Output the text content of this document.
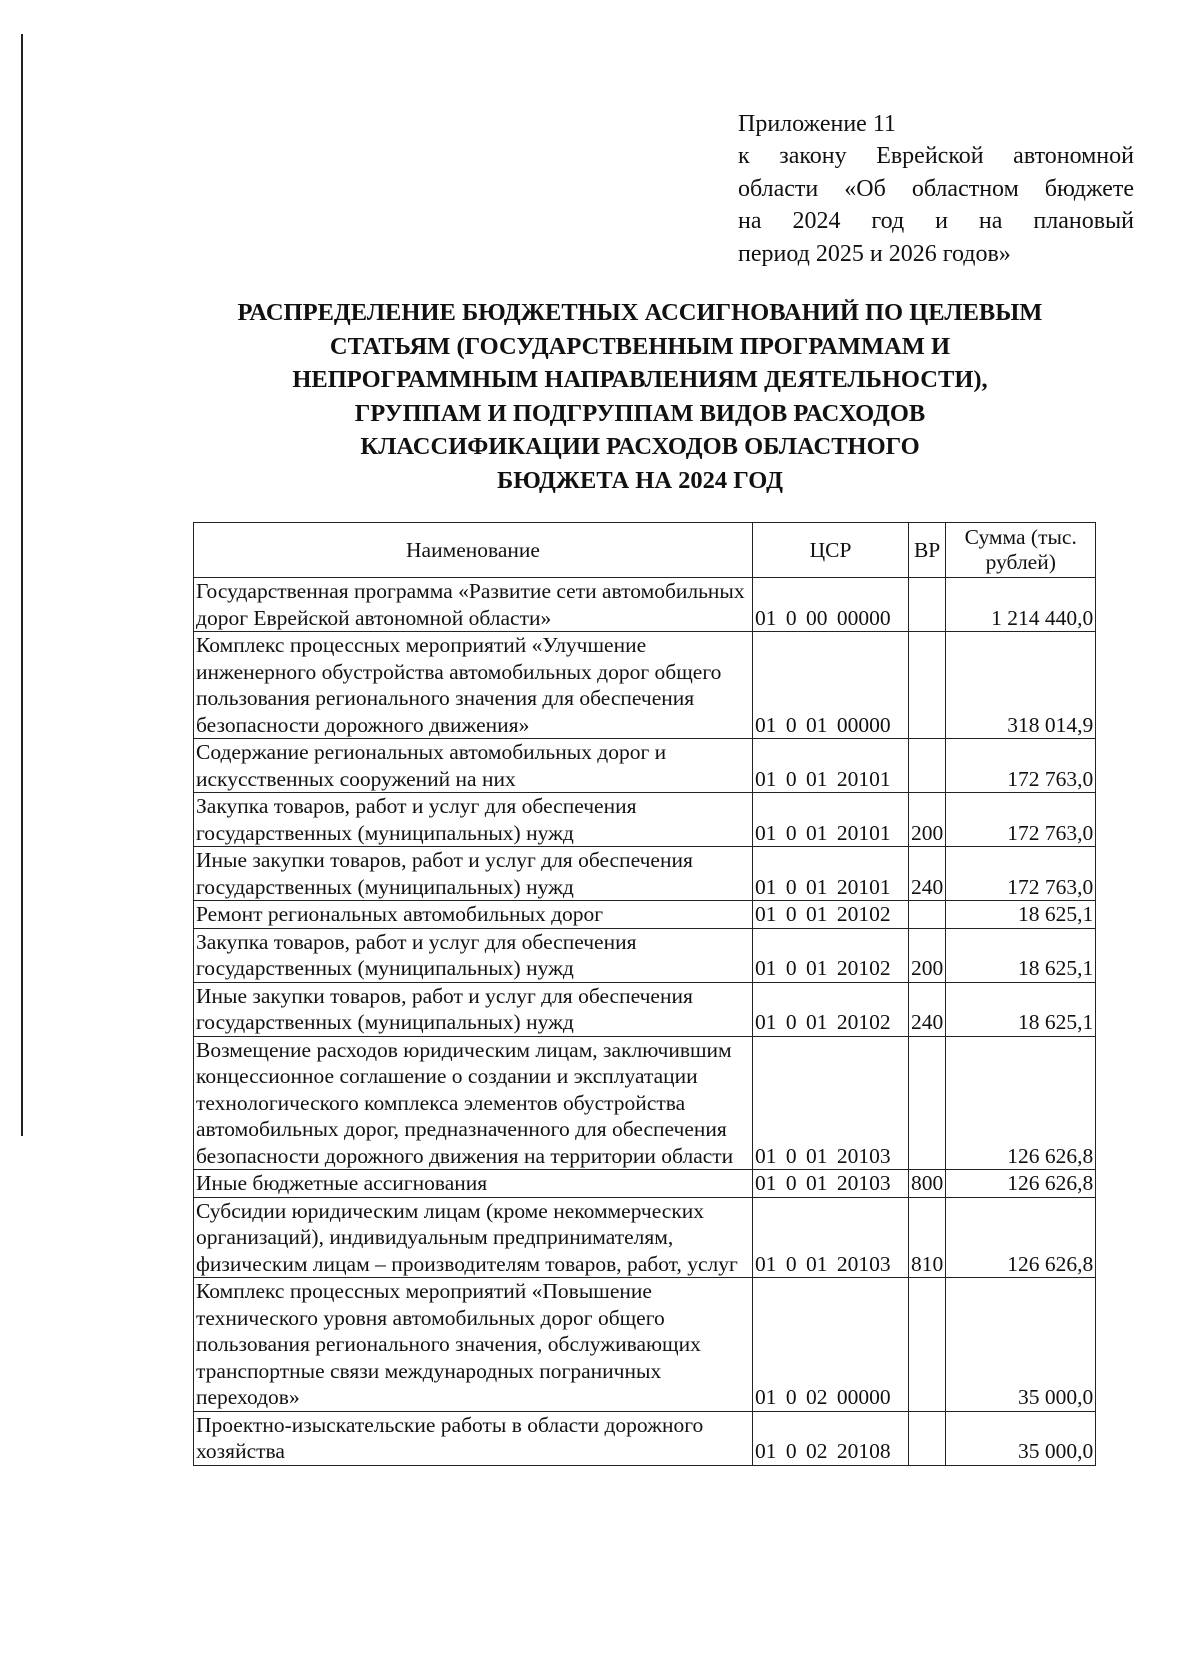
Приложение 11
к закону Еврейской автономной
области «Об областном бюджете
на 2024 год и на плановый
период 2025 и 2026 годов»
РАСПРЕДЕЛЕНИЕ БЮДЖЕТНЫХ АССИГНОВАНИЙ ПО ЦЕЛЕВЫМ
СТАТЬЯМ (ГОСУДАРСТВЕННЫМ ПРОГРАММАМ И
НЕПРОГРАММНЫМ НАПРАВЛЕНИЯМ ДЕЯТЕЛЬНОСТИ),
ГРУППАМ И ПОДГРУППАМ ВИДОВ РАСХОДОВ
КЛАССИФИКАЦИИ РАСХОДОВ ОБЛАСТНОГО
БЮДЖЕТА НА 2024 ГОД
Наименование	ЦСР	ВР	Сумма (тыс. рублей)
Государственная программа «Развитие сети автомобильных дорог Еврейской автономной области»	01 0 00 00000		1 214 440,0
Комплекс процессных мероприятий «Улучшение инженерного обустройства автомобильных дорог общего пользования регионального значения для обеспечения безопасности дорожного движения»	01 0 01 00000		318 014,9
Содержание региональных автомобильных дорог и искусственных сооружений на них	01 0 01 20101		172 763,0
Закупка товаров, работ и услуг для обеспечения государственных (муниципальных) нужд	01 0 01 20101	200	172 763,0
Иные закупки товаров, работ и услуг для обеспечения государственных (муниципальных) нужд	01 0 01 20101	240	172 763,0
Ремонт региональных автомобильных дорог	01 0 01 20102		18 625,1
Закупка товаров, работ и услуг для обеспечения государственных (муниципальных) нужд	01 0 01 20102	200	18 625,1
Иные закупки товаров, работ и услуг для обеспечения государственных (муниципальных) нужд	01 0 01 20102	240	18 625,1
Возмещение расходов юридическим лицам, заключившим концессионное соглашение о создании и эксплуатации технологического комплекса элементов обустройства автомобильных дорог, предназначенного для обеспечения безопасности дорожного движения на территории области	01 0 01 20103		126 626,8
Иные бюджетные ассигнования	01 0 01 20103	800	126 626,8
Субсидии юридическим лицам (кроме некоммерческих организаций), индивидуальным предпринимателям, физическим лицам – производителям товаров, работ, услуг	01 0 01 20103	810	126 626,8
Комплекс процессных мероприятий «Повышение технического уровня автомобильных дорог общего пользования регионального значения, обслуживающих транспортные связи международных пограничных переходов»	01 0 02 00000		35 000,0
Проектно-изыскательские работы в области дорожного хозяйства	01 0 02 20108		35 000,0
